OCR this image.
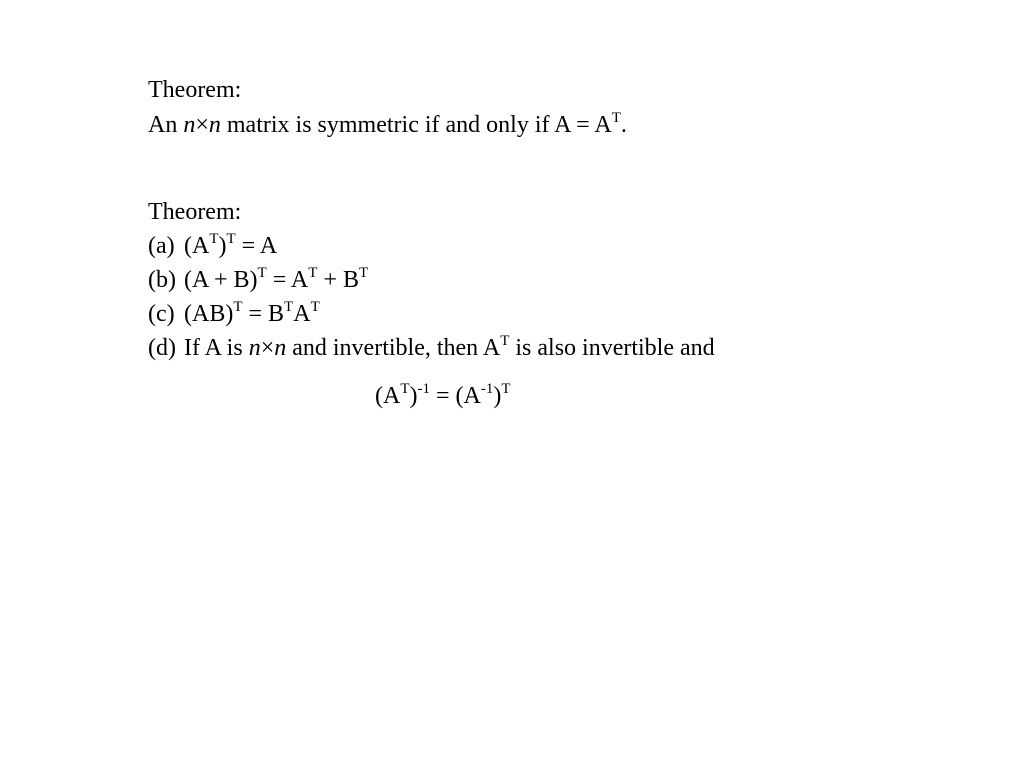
Theorem:
An n×n matrix is symmetric if and only if $A = A^T$.
Theorem:
(a) $(A^T)^T = A$
(b) $(A + B)^T = A^T + B^T$
(c) $(AB)^T = B^TA^T$
(d) If A is n×n and invertible, then $A^T$ is also invertible and
$(A^T)^{-1} = (A^{-1})^T$
